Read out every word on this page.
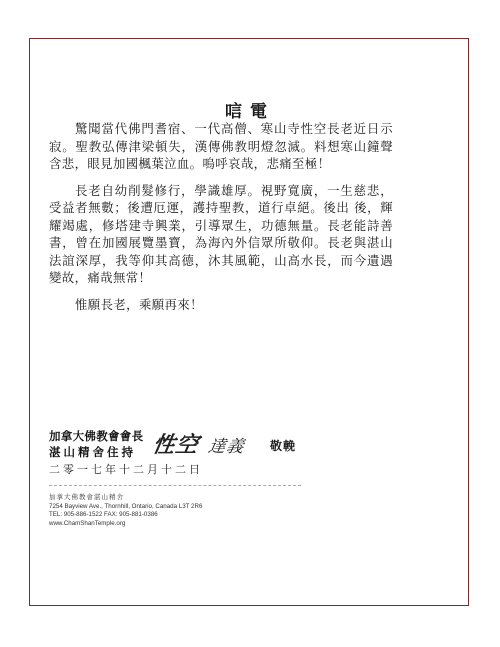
唁電

驚聞當代佛門耆宿、一代高僧、寒山寺性空長老近日示寂。聖教弘傳津梁頓失，漢傳佛教明燈忽滅。料想寒山鐘聲含悲，眼見加國楓葉泣血。嗚呼哀哉，悲痛至極！

長老自幼削髮修行，學識雄厚。視野寬廣，一生慈悲，受益者無數；後遭厄運，護持聖教，道行卓絕。後出 後，輝耀竭處，修塔建寺興業，引導眾生，功德無量。長老能詩善書，曾在加國展覽墨寶，為海內外信眾所敬仰。長老與湛山法誼深厚，我等仰其高德，沐其風範，山高水長，而今遺遇變故，痛哉無常！

惟願長老，乘願再來！

加拿大佛教會會長
湛山精舍住持 性空 達義 敬輓
二零一七年十二月十二日
加拿大佛教會湛山精舍
7254 Bayview Ave., Thornhill, Ontario, Canada L3T 2R6
TEL: 905-886-1522 FAX: 905-881-0386
www.ChamShanTemple.org
